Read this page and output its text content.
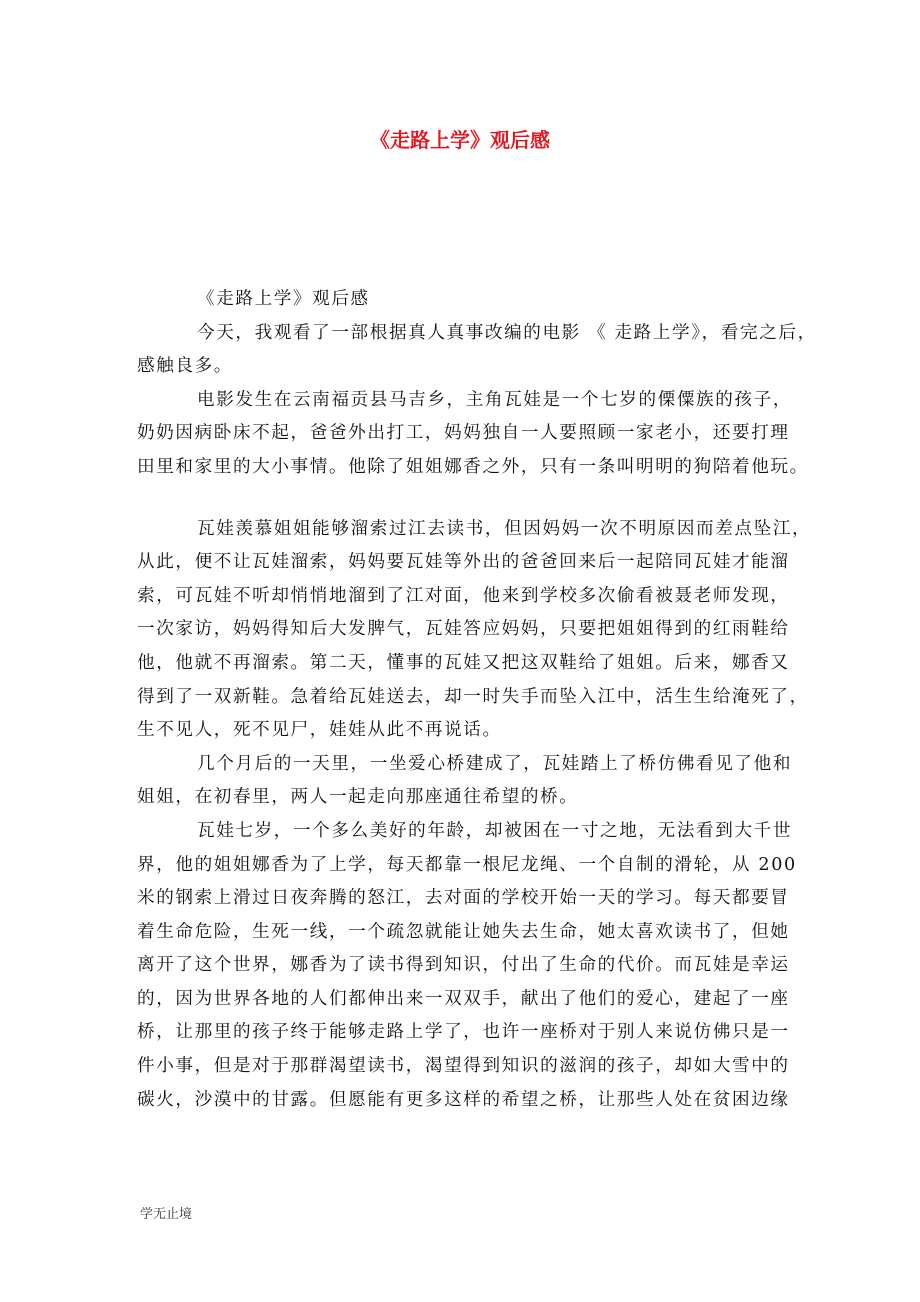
《走路上学》观后感
《走路上学》观后感
今天，我观看了一部根据真人真事改编的电影 《 走路上学》，看完之后，
感触良多。
电影发生在云南福贡县马吉乡，主角瓦娃是一个七岁的傈僳族的孩子，
奶奶因病卧床不起，爸爸外出打工，妈妈独自一人要照顾一家老小，还要打理
田里和家里的大小事情。他除了姐姐娜香之外，只有一条叫明明的狗陪着他玩。
瓦娃羡慕姐姐能够溜索过江去读书，但因妈妈一次不明原因而差点坠江，
从此，便不让瓦娃溜索，妈妈要瓦娃等外出的爸爸回来后一起陪同瓦娃才能溜
索，可瓦娃不听却悄悄地溜到了江对面，他来到学校多次偷看被聂老师发现，
一次家访，妈妈得知后大发脾气，瓦娃答应妈妈，只要把姐姐得到的红雨鞋给
他，他就不再溜索。第二天，懂事的瓦娃又把这双鞋给了姐姐。后来，娜香又
得到了一双新鞋。急着给瓦娃送去，却一时失手而坠入江中，活生生给淹死了，
生不见人，死不见尸，娃娃从此不再说话。
几个月后的一天里，一坐爱心桥建成了，瓦娃踏上了桥仿佛看见了他和
姐姐，在初春里，两人一起走向那座通往希望的桥。
瓦娃七岁，一个多么美好的年龄，却被困在一寸之地，无法看到大千世
界，他的姐姐娜香为了上学，每天都靠一根尼龙绳、一个自制的滑轮，从 200
米的钢索上滑过日夜奔腾的怒江，去对面的学校开始一天的学习。每天都要冒
着生命危险，生死一线，一个疏忽就能让她失去生命，她太喜欢读书了，但她
离开了这个世界，娜香为了读书得到知识，付出了生命的代价。而瓦娃是幸运
的，因为世界各地的人们都伸出来一双双手，献出了他们的爱心，建起了一座
桥，让那里的孩子终于能够走路上学了，也许一座桥对于别人来说仿佛只是一
件小事，但是对于那群渴望读书，渴望得到知识的滋润的孩子，却如大雪中的
碳火，沙漠中的甘露。但愿能有更多这样的希望之桥，让那些人处在贫困边缘
学无止境
